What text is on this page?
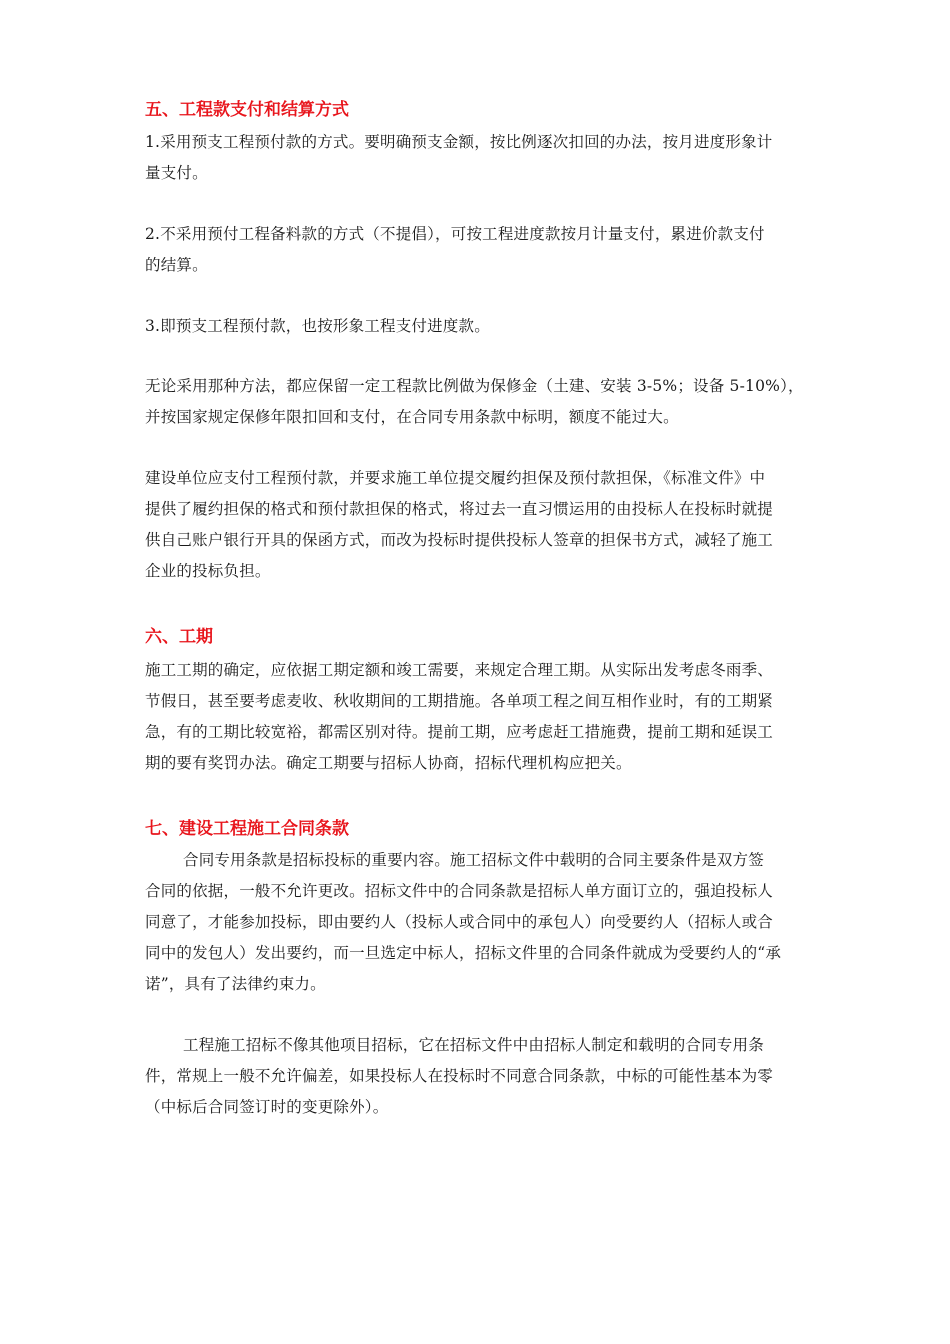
五、工程款支付和结算方式

1.采用预支工程预付款的方式。要明确预支金额，按比例逐次扣回的办法，按月进度形象计
量支付。

2.不采用预付工程备料款的方式（不提倡），可按工程进度款按月计量支付，累进价款支付
的结算。

3.即预支工程预付款，也按形象工程支付进度款。

无论采用那种方法，都应保留一定工程款比例做为保修金（土建、安装 3-5%；设备 5-10%），
并按国家规定保修年限扣回和支付，在合同专用条款中标明，额度不能过大。

建设单位应支付工程预付款，并要求施工单位提交履约担保及预付款担保，《标准文件》中
提供了履约担保的格式和预付款担保的格式，将过去一直习惯运用的由投标人在投标时就提
供自己账户银行开具的保函方式，而改为投标时提供投标人签章的担保书方式，减轻了施工
企业的投标负担。

六、工期

施工工期的确定，应依据工期定额和竣工需要，来规定合理工期。从实际出发考虑冬雨季、
节假日，甚至要考虑麦收、秋收期间的工期措施。各单项工程之间互相作业时，有的工期紧
急，有的工期比较宽裕，都需区别对待。提前工期，应考虑赶工措施费，提前工期和延误工
期的要有奖罚办法。确定工期要与招标人协商，招标代理机构应把关。

七、建设工程施工合同条款

合同专用条款是招标投标的重要内容。施工招标文件中载明的合同主要条件是双方签
合同的依据，一般不允许更改。招标文件中的合同条款是招标人单方面订立的，强迫投标人
同意了，才能参加投标，即由要约人（投标人或合同中的承包人）向受要约人（招标人或合
同中的发包人）发出要约，而一旦选定中标人，招标文件里的合同条件就成为受要约人的“承
诺”，具有了法律约束力。

工程施工招标不像其他项目招标，它在招标文件中由招标人制定和载明的合同专用条
件，常规上一般不允许偏差，如果投标人在投标时不同意合同条款，中标的可能性基本为零
（中标后合同签订时的变更除外）。
